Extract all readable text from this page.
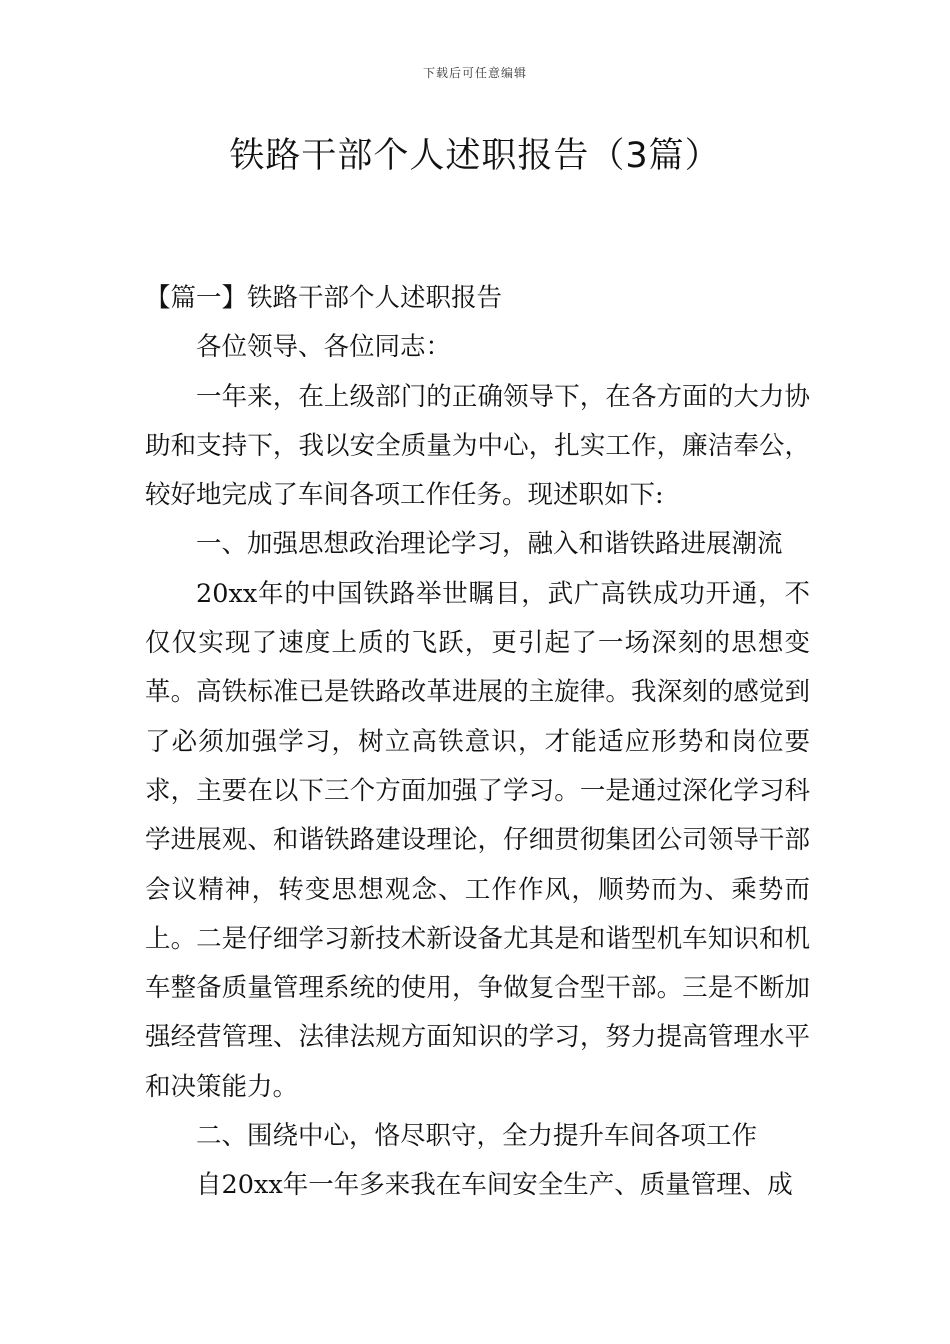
下载后可任意编辑
铁路干部个人述职报告（3篇）

【篇一】铁路干部个人述职报告

各位领导、各位同志：

一年来，在上级部门的正确领导下，在各方面的大力协助和支持下，我以安全质量为中心，扎实工作，廉洁奉公，较好地完成了车间各项工作任务。现述职如下:

一、加强思想政治理论学习，融入和谐铁路进展潮流

20xx年的中国铁路举世瞩目，武广高铁成功开通，不仅仅实现了速度上质的飞跃，更引起了一场深刻的思想变革。高铁标准已是铁路改革进展的主旋律。我深刻的感觉到了必须加强学习，树立高铁意识，才能适应形势和岗位要求，主要在以下三个方面加强了学习。一是通过深化学习科学进展观、和谐铁路建设理论，仔细贯彻集团公司领导干部会议精神，转变思想观念、工作作风，顺势而为、乘势而上。二是仔细学习新技术新设备尤其是和谐型机车知识和机车整备质量管理系统的使用，争做复合型干部。三是不断加强经营管理、法律法规方面知识的学习，努力提高管理水平和决策能力。

二、围绕中心，恪尽职守，全力提升车间各项工作

自20xx年一年多来我在车间安全生产、质量管理、成
